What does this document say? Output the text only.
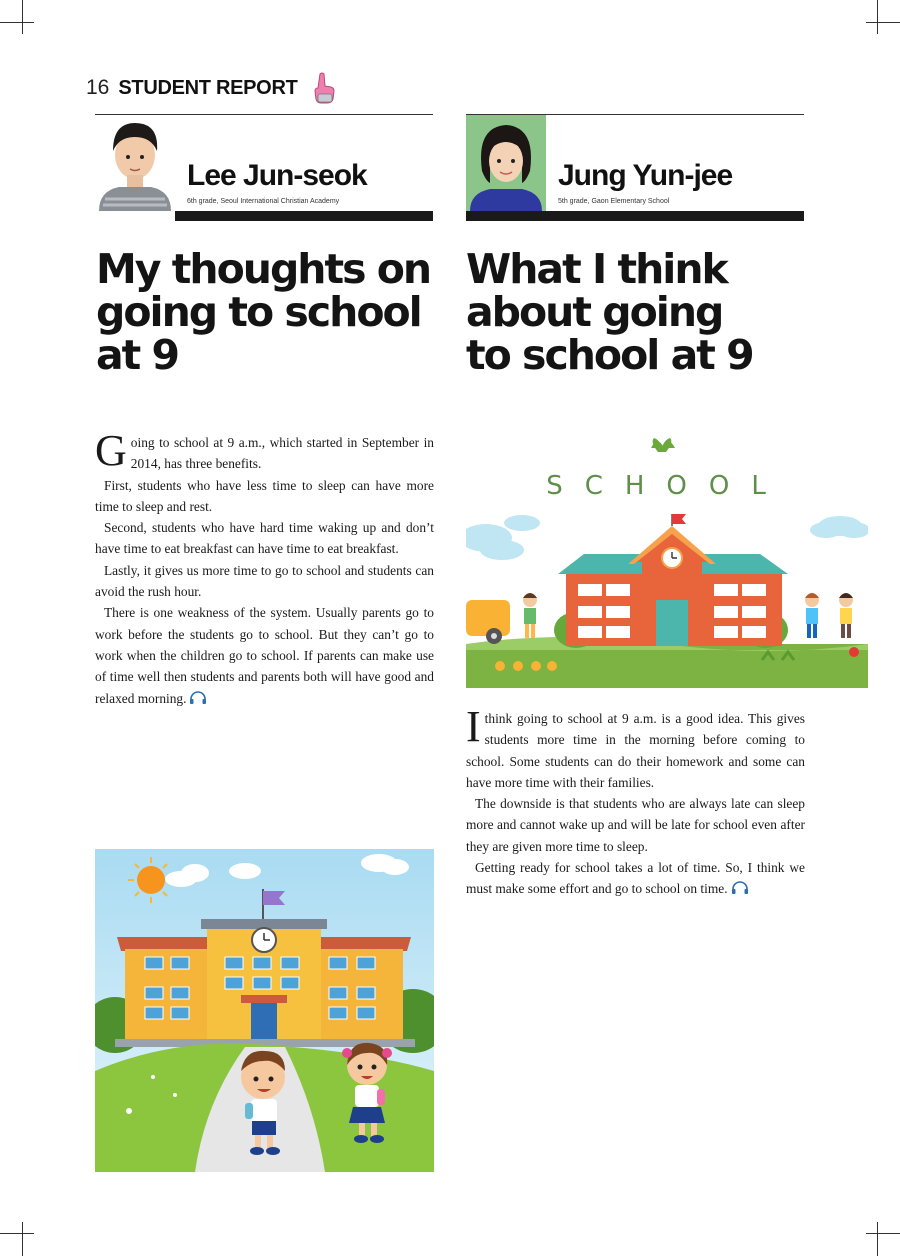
16 STUDENT REPORT
Lee Jun-seok
6th grade, Seoul International Christian Academy
Jung Yun-jee
5th grade, Gaon Elementary School
My thoughts on going to school at 9
What I think about going to school at 9

Going to school at 9 a.m., which started in September in 2014, has three benefits.

First, students who have less time to sleep can have more time to sleep and rest.

Second, students who have hard time waking up and don’t have time to eat breakfast can have time to eat breakfast.

Lastly, it gives us more time to go to school and students can avoid the rush hour.

There is one weakness of the system. Usually parents go to work before the students go to school. But they can’t go to work when the children go to school. If parents can make use of time well then students and parents both will have good and relaxed morning.

Ithink going to school at 9 a.m. is a good idea. This gives students more time in the morning before coming to school. Some students can do their homework and some can have more time with their families.

The downside is that students who are always late can sleep more and cannot wake up and will be late for school even after they are given more time to sleep.

Getting ready for school takes a lot of time. So, I think we must make some effort and go to school on time.

SCHOOL
